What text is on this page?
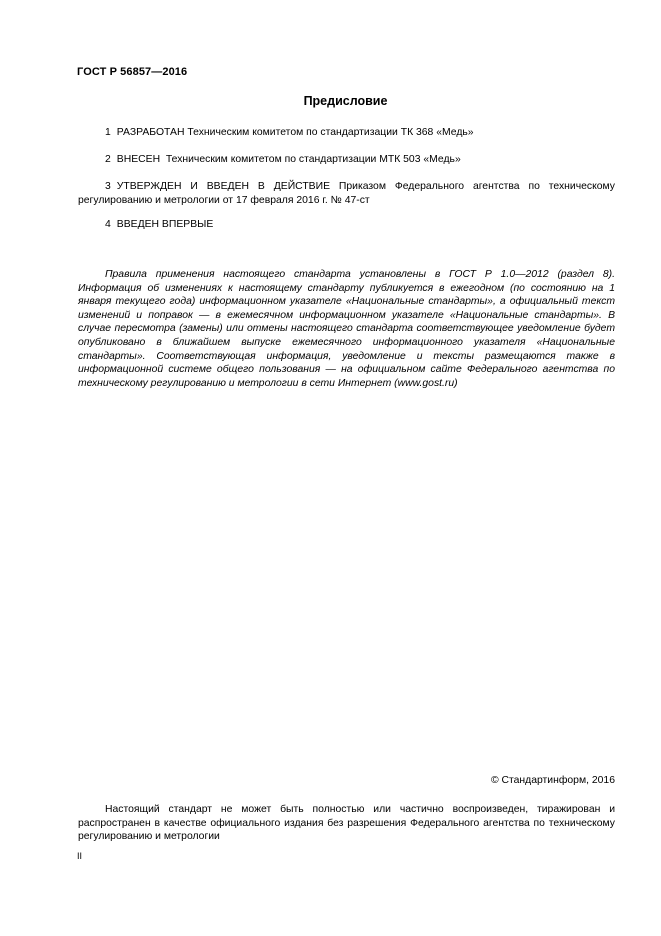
ГОСТ Р 56857—2016
Предисловие
1 РАЗРАБОТАН Техническим комитетом по стандартизации ТК 368 «Медь»
2 ВНЕСЕН Техническим комитетом по стандартизации МТК 503 «Медь»
3 УТВЕРЖДЕН И ВВЕДЕН В ДЕЙСТВИЕ Приказом Федерального агентства по техническому регулированию и метрологии от 17 февраля 2016 г. № 47-ст
4 ВВЕДЕН ВПЕРВЫЕ
Правила применения настоящего стандарта установлены в ГОСТ Р 1.0—2012 (раздел 8). Информация об изменениях к настоящему стандарту публикуется в ежегодном (по состоянию на 1 января текущего года) информационном указателе «Национальные стандарты», а официальный текст изменений и поправок — в ежемесячном информационном указателе «Национальные стандарты». В случае пересмотра (замены) или отмены настоящего стандарта соответствующее уведомление будет опубликовано в ближайшем выпуске ежемесячного информационного указателя «Национальные стандарты». Соответствующая информация, уведомление и тексты размещаются также в информационной системе общего пользования — на официальном сайте Федерального агентства по техническому регулированию и метрологии в сети Интернет (www.gost.ru)
© Стандартинформ, 2016
Настоящий стандарт не может быть полностью или частично воспроизведен, тиражирован и распространен в качестве официального издания без разрешения Федерального агентства по техническому регулированию и метрологии
II
